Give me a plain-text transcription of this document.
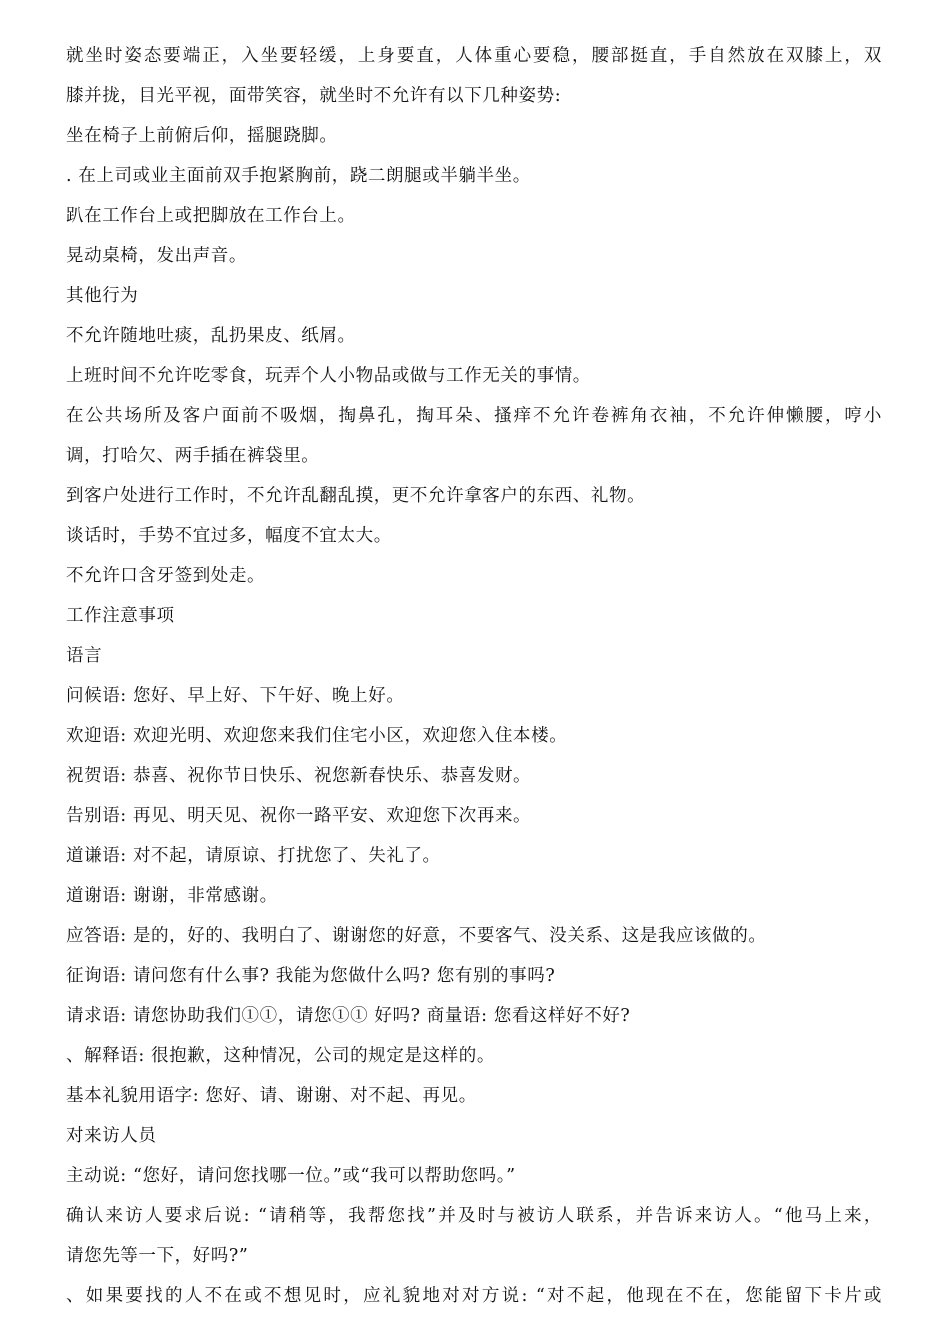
就坐时姿态要端正，入坐要轻缓，上身要直，人体重心要稳，腰部挺直，手自然放在双膝上，双

膝并拢，目光平视，面带笑容，就坐时不允许有以下几种姿势:

坐在椅子上前俯后仰，摇腿跷脚。

. 在上司或业主面前双手抱紧胸前，跷二朗腿或半躺半坐。

趴在工作台上或把脚放在工作台上。

晃动桌椅，发出声音。

其他行为

不允许随地吐痰，乱扔果皮、纸屑。

上班时间不允许吃零食，玩弄个人小物品或做与工作无关的事情。

在公共场所及客户面前不吸烟，掏鼻孔，掏耳朵、搔痒不允许卷裤角衣袖，不允许伸懒腰，哼小

调，打哈欠、两手插在裤袋里。

到客户处进行工作时，不允许乱翻乱摸，更不允许拿客户的东西、礼物。

谈话时，手势不宜过多，幅度不宜太大。

不允许口含牙签到处走。

工作注意事项

语言

问候语: 您好、早上好、下午好、晚上好。

欢迎语: 欢迎光明、欢迎您来我们住宅小区，欢迎您入住本楼。

祝贺语: 恭喜、祝你节日快乐、祝您新春快乐、恭喜发财。

告别语: 再见、明天见、祝你一路平安、欢迎您下次再来。

道谦语: 对不起，请原谅、打扰您了、失礼了。

道谢语: 谢谢，非常感谢。

应答语: 是的，好的、我明白了、谢谢您的好意，不要客气、没关系、这是我应该做的。

征询语: 请问您有什么事? 我能为您做什么吗? 您有别的事吗?

请求语: 请您协助我们①①，请您①① 好吗? 商量语: 您看这样好不好?

、解释语: 很抱歉，这种情况，公司的规定是这样的。

基本礼貌用语字: 您好、请、谢谢、对不起、再见。

对来访人员

主动说: “您好，请问您找哪一位。”或“我可以帮助您吗。”

确认来访人要求后说: “请稍等，我帮您找”并及时与被访人联系，并告诉来访人。“他马上来，

请您先等一下，好吗?”

、如果要找的人不在或不想见时，应礼貌地对对方说: “对不起，他现在不在，您能留下卡片或
